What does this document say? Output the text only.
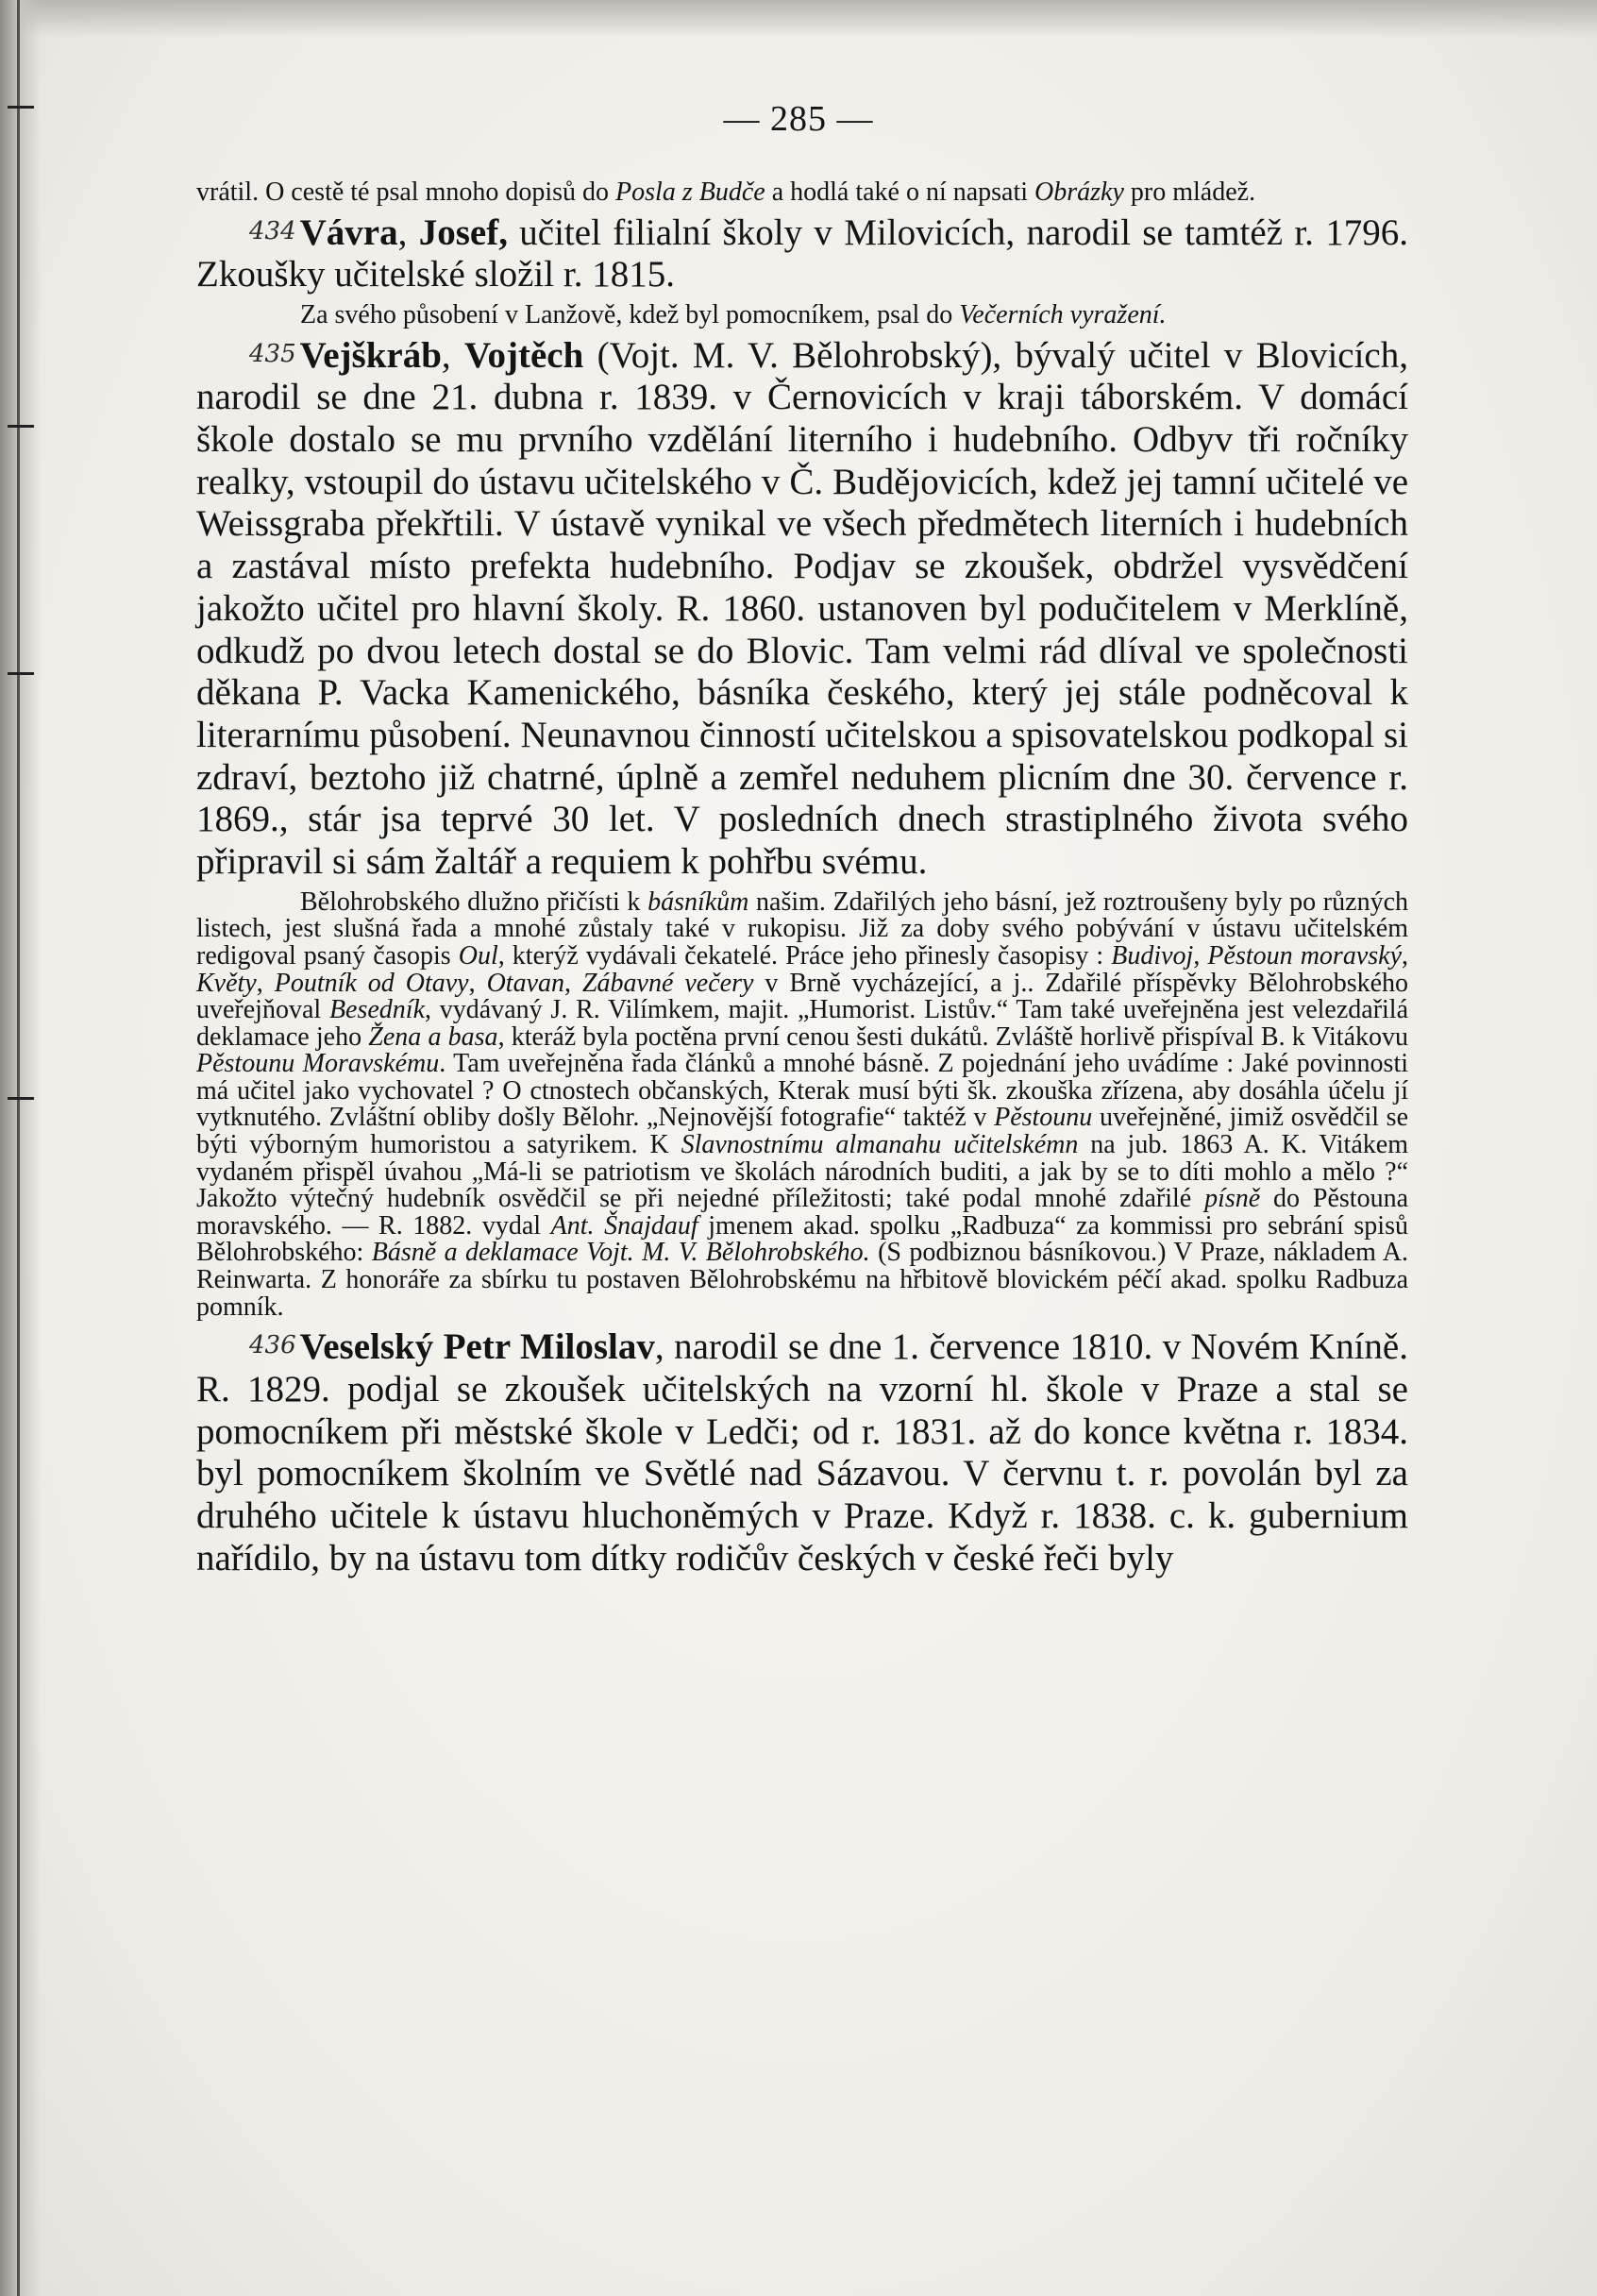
— 285 —

vrátil. O cestě té psal mnoho dopisů do Posla z Budče a hodlá také o ní napsati Obrázky pro mládež.

434 Vávra, Josef, učitel filialní školy v Milovicích, narodil se tamtéž r. 1796. Zkoušky učitelské složil r. 1815.

Za svého působení v Lanžově, kdež byl pomocníkem, psal do Večerních vyražení.

435 Vejškráb, Vojtěch (Vojt. M. V. Bělohrobský), bývalý učitel v Blovicích, narodil se dne 21. dubna r. 1839. v Černovicích v kraji táborském. V domácí škole dostalo se mu prvního vzdělání literního i hudebního. Odbyv tři ročníky realky, vstoupil do ústavu učitelského v Č. Budějovicích, kdež jej tamní učitelé ve Weissgraba překřtili. V ústavě vynikal ve všech předmětech literních i hudebních a zastával místo prefekta hudebního. Podjav se zkoušek, obdržel vysvědčení jakožto učitel pro hlavní školy. R. 1860. ustanoven byl podučitelem v Merklíně, odkudž po dvou letech dostal se do Blovic. Tam velmi rád dlíval ve společnosti děkana P. Vacka Kamenického, básníka českého, který jej stále podněcoval k literarnímu působení. Neunavnou činností učitelskou a spisovatelskou podkopal si zdraví, beztoho již chatrné, úplně a zemřel neduhem plicním dne 30. července r. 1869., stár jsa teprvé 30 let. V posledních dnech strastiplného života svého připravil si sám žaltář a requiem k pohřbu svému.

Bělohrobského dlužno přičísti k básníkům našim. Zdařilých jeho básní, jež roztroušeny byly po různých listech, jest slušná řada a mnohé zůstaly také v rukopisu. Již za doby svého pobývání v ústavu učitelském redigoval psaný časopis Oul, kterýž vydávali čekatelé. Práce jeho přinesly časopisy : Budivoj, Pěstoun moravský, Květy, Poutník od Otavy, Otavan, Zábavné večery v Brně vycházející, a j.. Zdařilé příspěvky Bělohrobského uveřejňoval Besedník, vydávaný J. R. Vilímkem, majit. „Humorist. Listův.“ Tam také uveřejněna jest velezdařilá deklamace jeho Žena a basa, kteráž byla poctěna první cenou šesti dukátů. Zvláště horlivě přispíval B. k Vitákovu Pěstounu Moravskému. Tam uveřejněna řada článků a mnohé básně. Z pojednání jeho uvádíme : Jaké povinnosti má učitel jako vychovatel ? O ctnostech občanských, Kterak musí býti šk. zkouška zřízena, aby dosáhla účelu jí vytknutého. Zvláštní obliby došly Bělohr. „Nejnovější fotografie“ taktéž v Pěstounu uveřejněné, jimiž osvědčil se býti výborným humoristou a satyrikem. K Slavnostnímu almanahu učitelskémn na jub. 1863 A. K. Vitákem vydaném přispěl úvahou „Má-li se patriotism ve školách národních buditi, a jak by se to díti mohlo a mělo ?“ Jakožto výtečný hudebník osvědčil se při nejedné příležitosti; také podal mnohé zdařilé písně do Pěstouna moravského. — R. 1882. vydal Ant. Šnajdauf jmenem akad. spolku „Radbuza“ za kommissi pro sebrání spisů Bělohrobského: Básně a deklamace Vojt. M. V. Bělohrobského. (S podbiznou básníkovou.) V Praze, nákladem A. Reinwarta. Z honoráře za sbírku tu postaven Bělohrobskému na hřbitově blovickém péčí akad. spolku Radbuza pomník.

436 Veselský Petr Miloslav, narodil se dne 1. července 1810. v Novém Kníně. R. 1829. podjal se zkoušek učitelských na vzorní hl. škole v Praze a stal se pomocníkem při městské škole v Ledči; od r. 1831. až do konce května r. 1834. byl pomocníkem školním ve Světlé nad Sázavou. V červnu t. r. povolán byl za druhého učitele k ústavu hluchoněmých v Praze. Když r. 1838. c. k. gubernium nařídilo, by na ústavu tom dítky rodičův českých v české řeči byly
